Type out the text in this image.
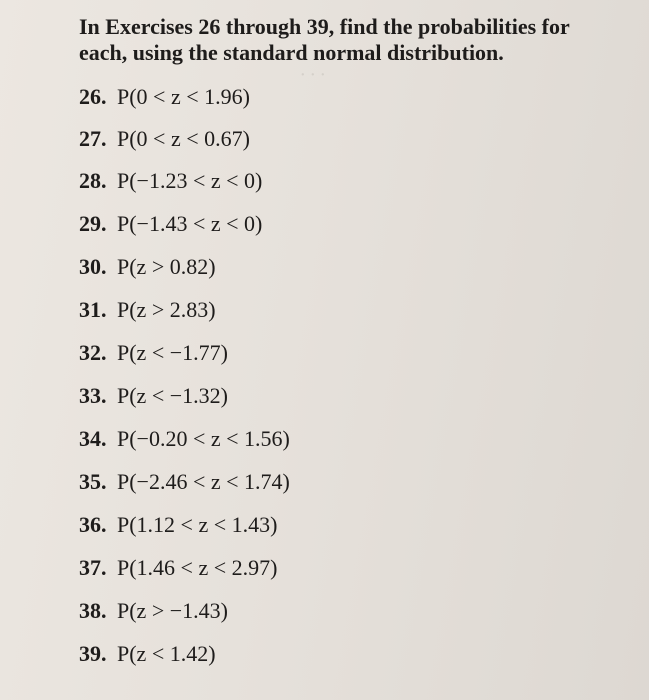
· · ·
In Exercises 26 through 39, find the probabilities for each, using the standard normal distribution.
26. P(0 < z < 1.96)
27. P(0 < z < 0.67)
28. P(−1.23 < z < 0)
29. P(−1.43 < z < 0)
30. P(z > 0.82)
31. P(z > 2.83)
32. P(z < −1.77)
33. P(z < −1.32)
34. P(−0.20 < z < 1.56)
35. P(−2.46 < z < 1.74)
36. P(1.12 < z < 1.43)
37. P(1.46 < z < 2.97)
38. P(z > −1.43)
39. P(z < 1.42)
